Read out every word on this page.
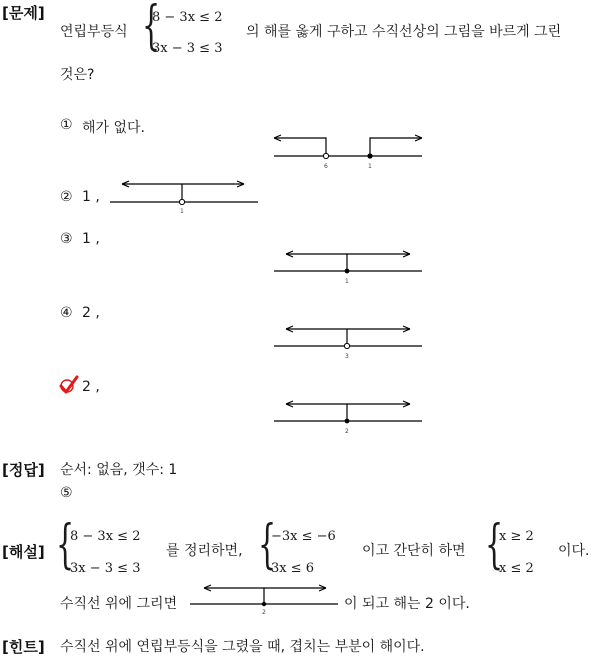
[문제]
연립부등식 {
8 − 3x ≤ 2
3x − 3 ≤ 3
의 해를 옳게 구하고 수직선상의 그림을 바르게 그린
것은?
① 해가 없다.
6	1
② 1 ,
1
③ 1 ,
1
④ 2 ,
3
2 ,
2
[정답] 순서: 없음, 갯수: 1
⑤
[해설] {
8 − 3x ≤ 2
3x − 3 ≤ 3
를 정리하면, {
−3x ≤ −6
3x ≤ 6
이고 간단히 하면 {
x ≥ 2
x ≤ 2
이다.
수직선 위에 그리면
2
이 되고 해는 2 이다.
[힌트] 수직선 위에 연립부등식을 그렸을 때, 겹치는 부분이 해이다.
